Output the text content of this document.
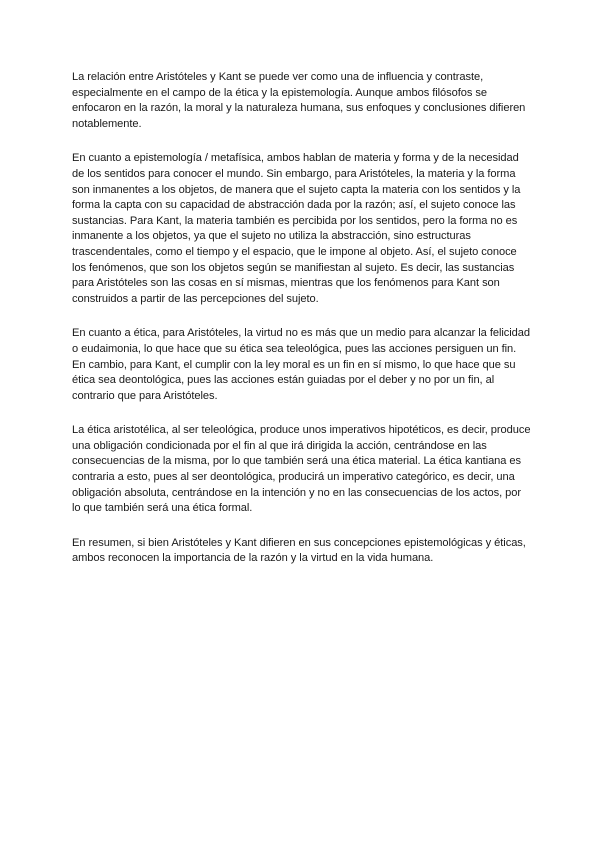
La relación entre Aristóteles y Kant se puede ver como una de influencia y contraste, especialmente en el campo de la ética y la epistemología. Aunque ambos filósofos se enfocaron en la razón, la moral y la naturaleza humana, sus enfoques y conclusiones difieren notablemente.

En cuanto a epistemología / metafísica, ambos hablan de materia y forma y de la necesidad de los sentidos para conocer el mundo. Sin embargo, para Aristóteles, la materia y la forma son inmanentes a los objetos, de manera que el sujeto capta la materia con los sentidos y la forma la capta con su capacidad de abstracción dada por la razón; así, el sujeto conoce las sustancias. Para Kant, la materia también es percibida por los sentidos, pero la forma no es inmanente a los objetos, ya que el sujeto no utiliza la abstracción, sino estructuras trascendentales, como el tiempo y el espacio, que le impone al objeto. Así, el sujeto conoce los fenómenos, que son los objetos según se manifiestan al sujeto. Es decir, las sustancias para Aristóteles son las cosas en sí mismas, mientras que los fenómenos para Kant son construidos a partir de las percepciones del sujeto.

En cuanto a ética, para Aristóteles, la virtud no es más que un medio para alcanzar la felicidad o eudaimonia, lo que hace que su ética sea teleológica, pues las acciones persiguen un fin. En cambio, para Kant, el cumplir con la ley moral es un fin en sí mismo, lo que hace que su ética sea deontológica, pues las acciones están guiadas por el deber y no por un fin, al contrario que para Aristóteles.

La ética aristotélica, al ser teleológica, produce unos imperativos hipotéticos, es decir, produce una obligación condicionada por el fin al que irá dirigida la acción, centrándose en las consecuencias de la misma, por lo que también será una ética material. La ética kantiana es contraria a esto, pues al ser deontológica, producirá un imperativo categórico, es decir, una obligación absoluta, centrándose en la intención y no en las consecuencias de los actos, por lo que también será una ética formal.

En resumen, si bien Aristóteles y Kant difieren en sus concepciones epistemológicas y éticas, ambos reconocen la importancia de la razón y la virtud en la vida humana.
